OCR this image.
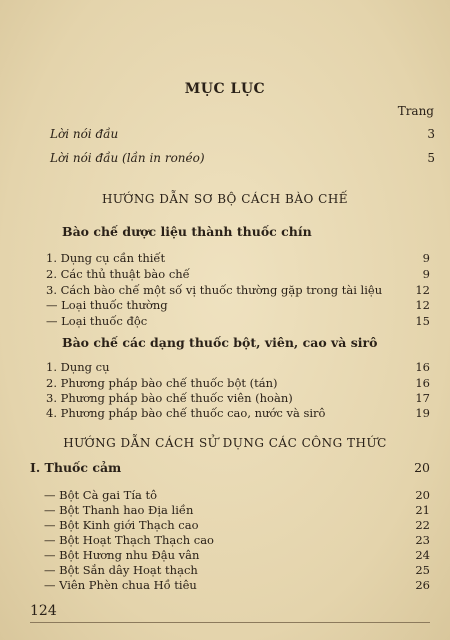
MỤC LỤC
Trang
Lời nói đầu	3
Lời nói đầu (lần in ronéo)	5
HƯỚNG DẪN SƠ BỘ CÁCH BÀO CHẾ
Bào chế dược liệu thành thuốc chín
1. Dụng cụ cần thiết	9
2. Các thủ thuật bào chế	9
3. Cách bào chế một số vị thuốc thường gặp trong tài liệu	12
— Loại thuốc thường	12
— Loại thuốc độc	15
Bào chế các dạng thuốc bột, viên, cao và sirô
1. Dụng cụ	16
2. Phương pháp bào chế thuốc bột (tán)	16
3. Phương pháp bào chế thuốc viên (hoàn)	17
4. Phương pháp bào chế thuốc cao, nước và sirô	19
HƯỚNG DẪN CÁCH SỬ DỤNG CÁC CÔNG THỨC
I. Thuốc cảm	20
— Bột Cà gai Tía tô	20
— Bột Thanh hao Địa liền	21
— Bột Kinh giới Thạch cao	22
— Bột Hoạt Thạch Thạch cao	23
— Bột Hương nhu Đậu vân	24
— Bột Sắn dây Hoạt thạch	25
— Viên Phèn chua Hồ tiêu	26
124
